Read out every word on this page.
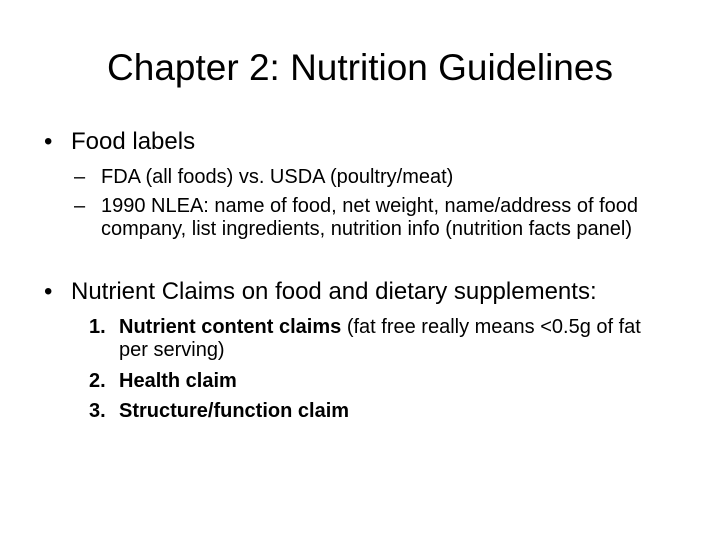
Chapter 2: Nutrition Guidelines
• Food labels
– FDA (all foods) vs. USDA (poultry/meat)
– 1990 NLEA: name of food, net weight, name/address of food company, list ingredients, nutrition info (nutrition facts panel)
• Nutrient Claims on food and dietary supplements:
1. Nutrient content claims (fat free really means <0.5g of fat per serving)
2. Health claim
3. Structure/function claim
